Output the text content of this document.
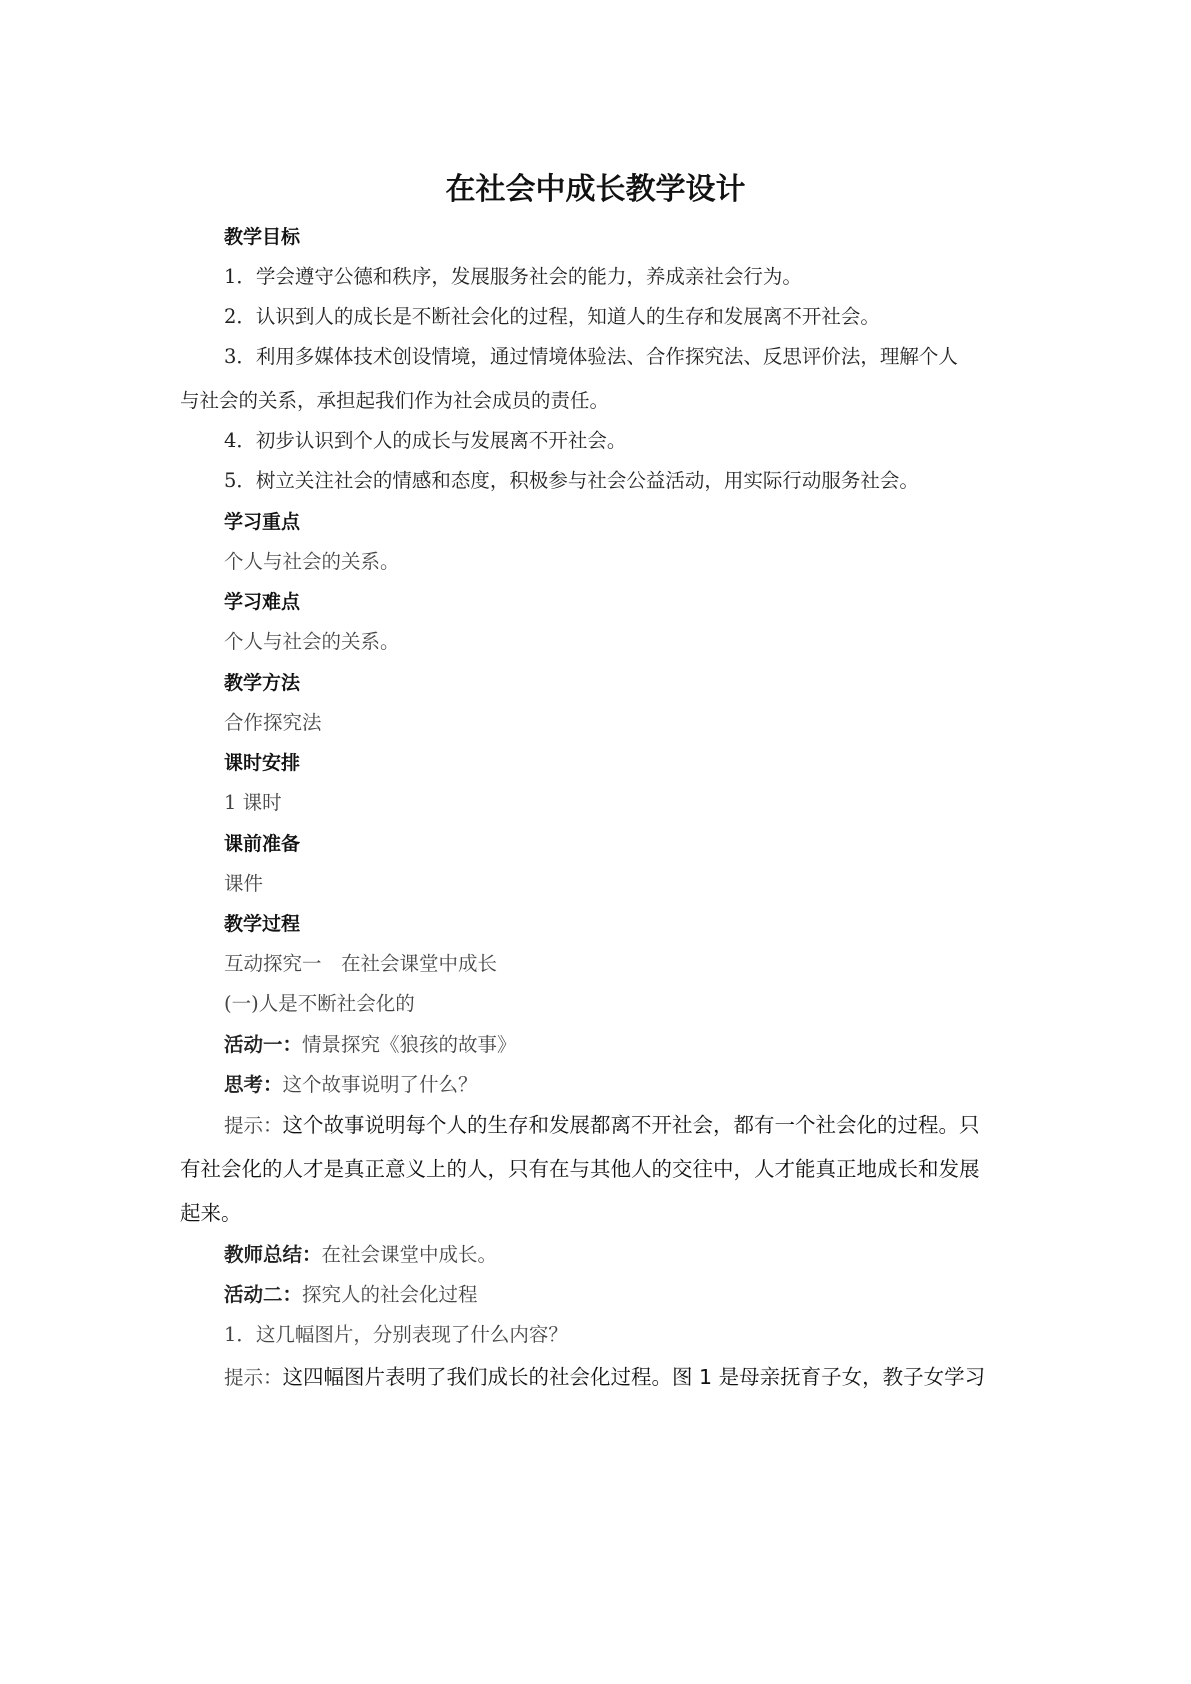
在社会中成长教学设计
教学目标
1．学会遵守公德和秩序，发展服务社会的能力，养成亲社会行为。
2．认识到人的成长是不断社会化的过程，知道人的生存和发展离不开社会。
3．利用多媒体技术创设情境，通过情境体验法、合作探究法、反思评价法，理解个人
与社会的关系，承担起我们作为社会成员的责任。
4．初步认识到个人的成长与发展离不开社会。
5．树立关注社会的情感和态度，积极参与社会公益活动，用实际行动服务社会。
学习重点
个人与社会的关系。
学习难点
个人与社会的关系。
教学方法
合作探究法
课时安排
1 课时
课前准备
课件
教学过程
互动探究一　在社会课堂中成长
(一)人是不断社会化的
活动一：情景探究《狼孩的故事》
思考：这个故事说明了什么？
提示：这个故事说明每个人的生存和发展都离不开社会，都有一个社会化的过程。只
有社会化的人才是真正意义上的人，只有在与其他人的交往中，人才能真正地成长和发展
起来。
教师总结：在社会课堂中成长。
活动二：探究人的社会化过程
1．这几幅图片，分别表现了什么内容？
提示：这四幅图片表明了我们成长的社会化过程。图 1 是母亲抚育子女，教子女学习
